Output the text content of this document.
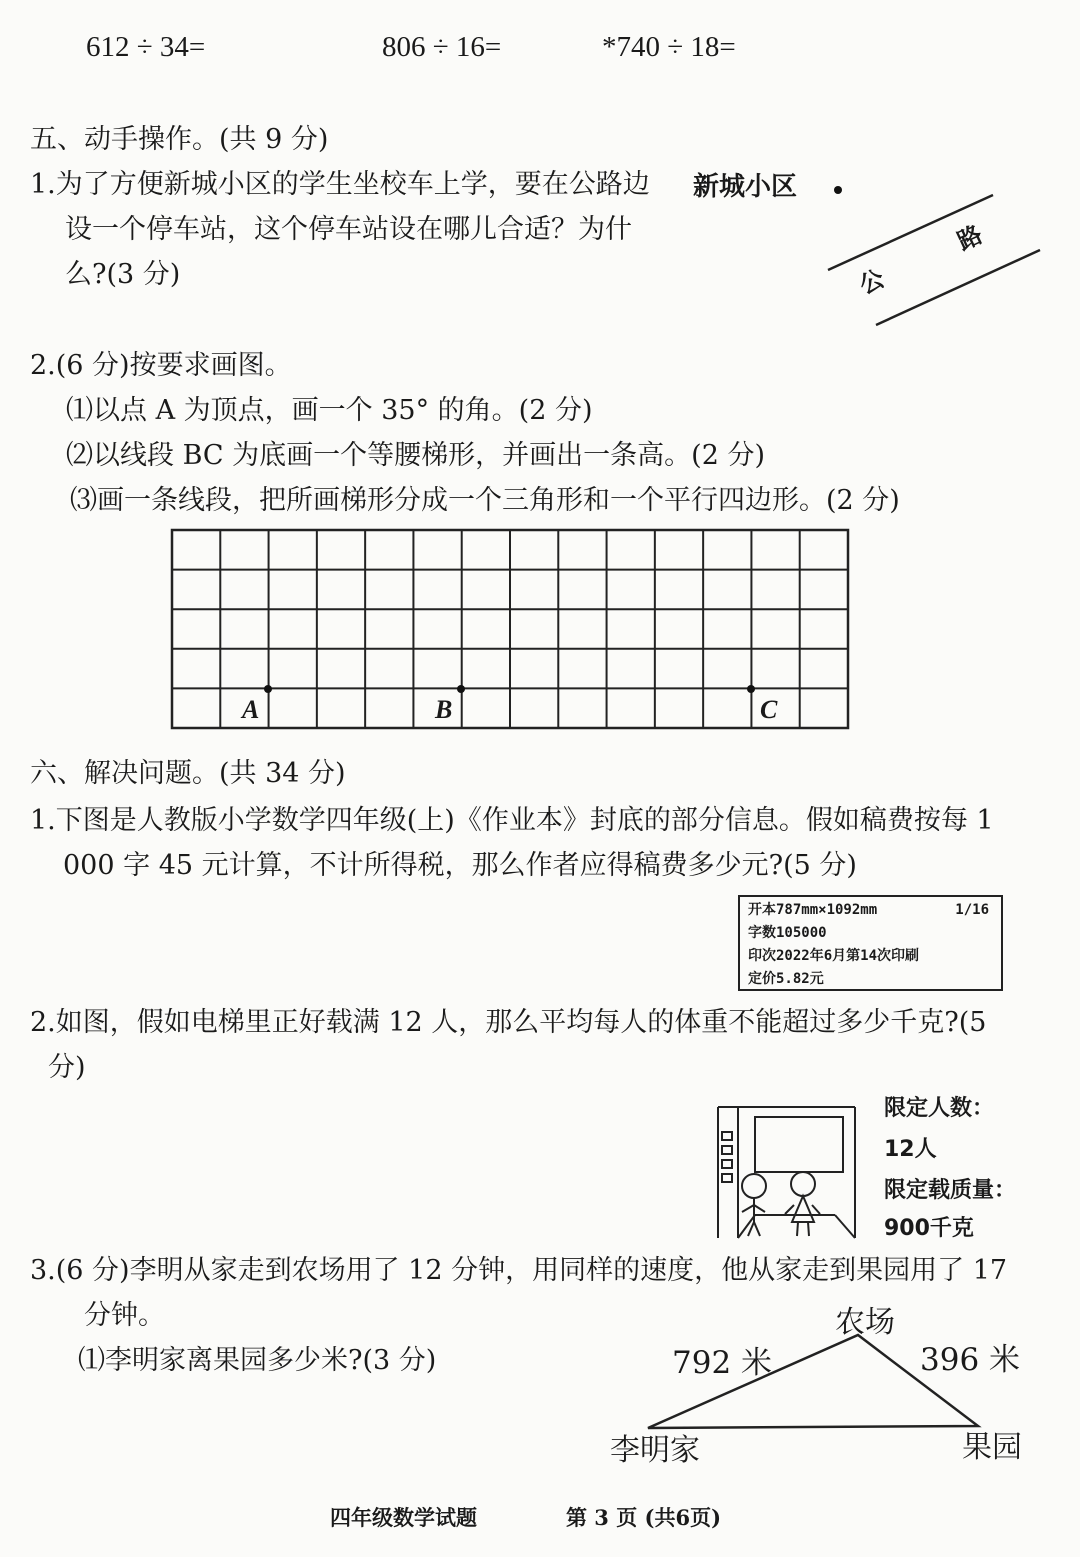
612 ÷ 34=	806 ÷ 16=	*740 ÷ 18=
五、动手操作。(共 9 分)
1.为了方便新城小区的学生坐校车上学，要在公路边
设一个停车站，这个停车站设在哪儿合适？为什
么?(3 分)
新城小区
公
路
2.(6 分)按要求画图。
⑴以点 A 为顶点，画一个 35° 的角。(2 分)
⑵以线段 BC 为底画一个等腰梯形，并画出一条高。(2 分)
⑶画一条线段，把所画梯形分成一个三角形和一个平行四边形。(2 分)
A	B	C
六、解决问题。(共 34 分)
1.下图是人教版小学数学四年级(上)《作业本》封底的部分信息。假如稿费按每 1
000 字 45 元计算，不计所得税，那么作者应得稿费多少元?(5 分)
开本787mm×1092mm	1/16
字数105000
印次2022年6月第14次印刷
定价5.82元
2.如图，假如电梯里正好载满 12 人，那么平均每人的体重不能超过多少千克?(5
分)
限定人数：
12人
限定载质量：
900千克
3.(6 分)李明从家走到农场用了 12 分钟，用同样的速度，他从家走到果园用了 17
分钟。
⑴李明家离果园多少米?(3 分)
农场
792 米	396 米
李明家	果园
四年级数学试题	第 3 页 (共6页)
